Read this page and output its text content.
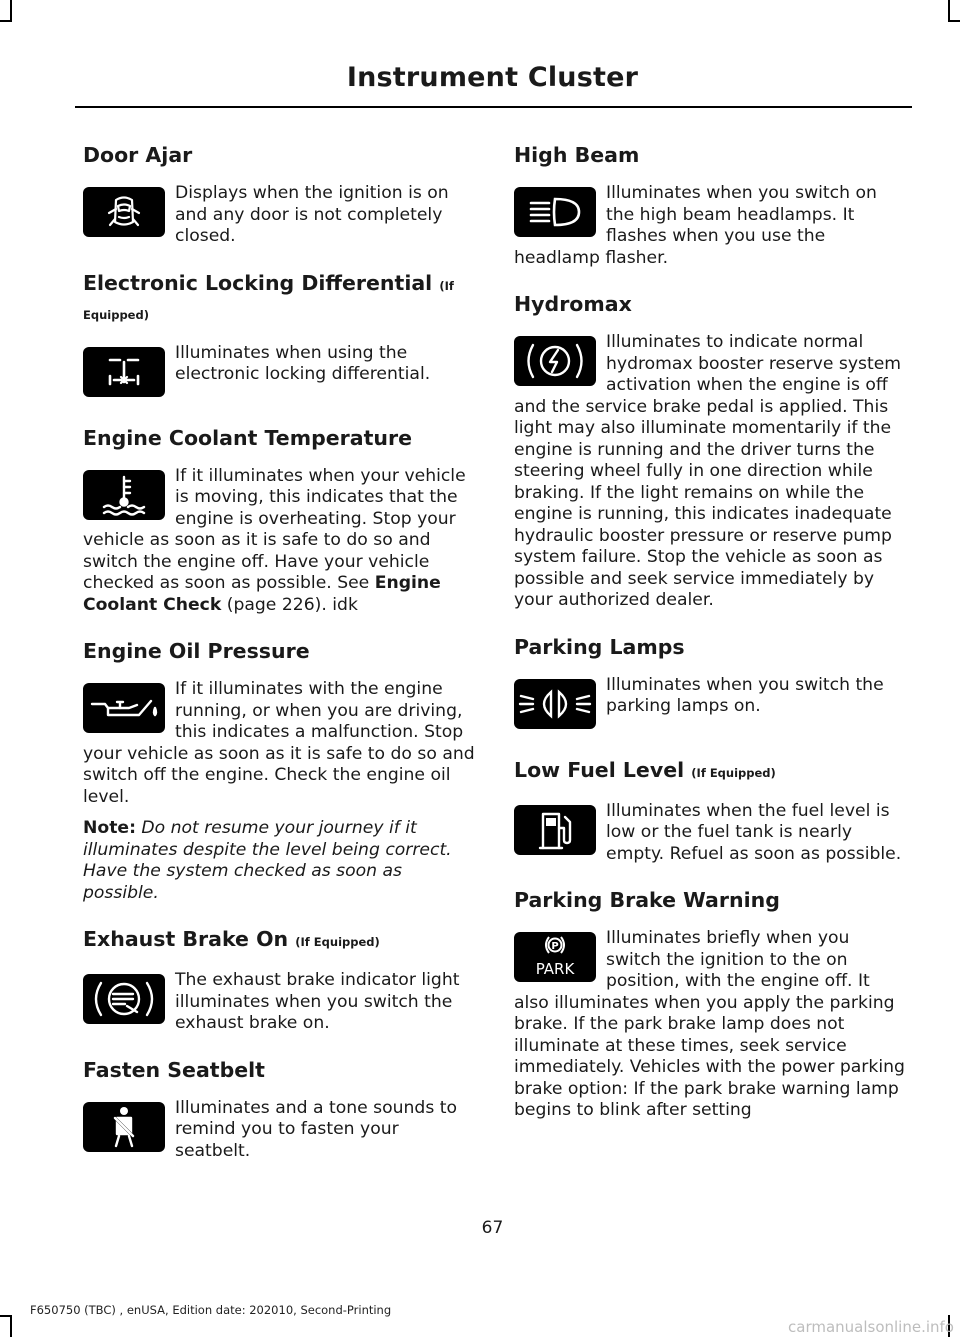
Instrument Cluster
Door Ajar

Displays when the ignition is on and any door is not completely closed.

Electronic Locking Differential (If Equipped)

Illuminates when using the electronic locking differential.

Engine Coolant Temperature

If it illuminates when your vehicle is moving, this indicates that the engine is overheating. Stop your vehicle as soon as it is safe to do so and switch the engine off. Have your vehicle checked as soon as possible. See Engine Coolant Check (page 226). idk

Engine Oil Pressure

If it illuminates with the engine running, or when you are driving, this indicates a malfunction. Stop your vehicle as soon as it is safe to do so and switch off the engine. Check the engine oil level.

Note: Do not resume your journey if it illuminates despite the level being correct. Have the system checked as soon as possible.

Exhaust Brake On (If Equipped)

The exhaust brake indicator light illuminates when you switch the exhaust brake on.

Fasten Seatbelt

Illuminates and a tone sounds to remind you to fasten your seatbelt.

High Beam

Illuminates when you switch on the high beam headlamps. It flashes when you use the headlamp flasher.

Hydromax

Illuminates to indicate normal hydromax booster reserve system activation when the engine is off and the service brake pedal is applied. This light may also illuminate momentarily if the engine is running and the driver turns the steering wheel fully in one direction while braking. If the light remains on while the engine is running, this indicates inadequate hydraulic booster pressure or reserve pump system failure. Stop the vehicle as soon as possible and seek service immediately by your authorized dealer.

Parking Lamps

Illuminates when you switch the parking lamps on.

Low Fuel Level (If Equipped)

Illuminates when the fuel level is low or the fuel tank is nearly empty. Refuel as soon as possible.

Parking Brake Warning
P
PARK

Illuminates briefly when you switch the ignition to the on position, with the engine off. It also illuminates when you apply the parking brake. If the park brake lamp does not illuminate at these times, seek service immediately. Vehicles with the power parking brake option: If the park brake warning lamp begins to blink after setting

67
F650750 (TBC) , enUSA, Edition date: 202010, Second-Printing
carmanualsonline.info
